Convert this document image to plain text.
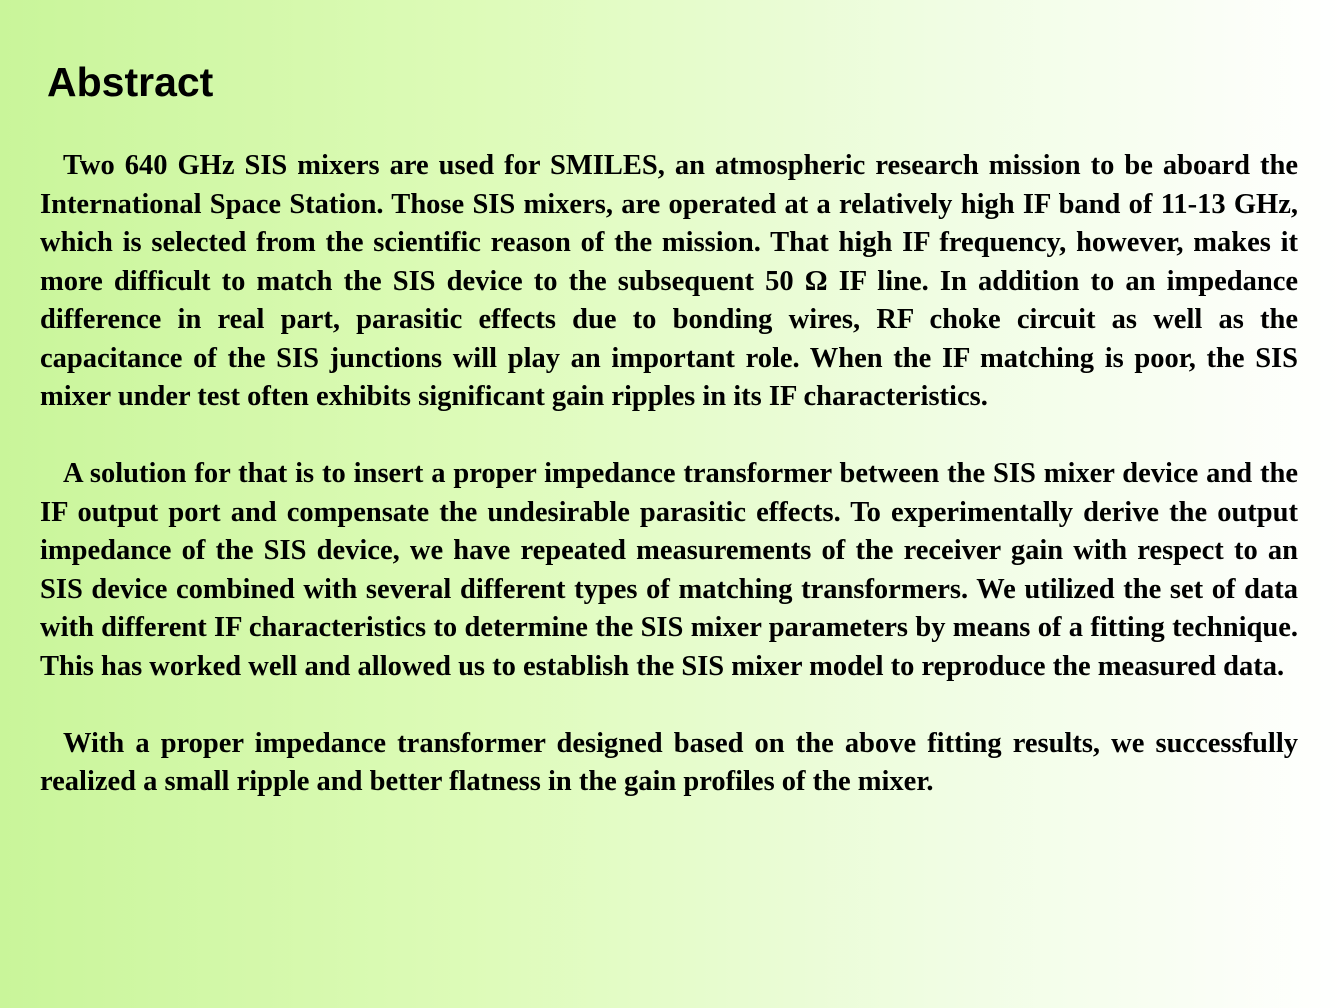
Abstract

Two 640 GHz SIS mixers are used for SMILES, an atmospheric research mission to be aboard the International Space Station. Those SIS mixers, are operated at a relatively high IF band of 11-13 GHz, which is selected from the scientific reason of the mission. That high IF frequency, however, makes it more difficult to match the SIS device to the subsequent 50 Ω IF line. In addition to an impedance difference in real part, parasitic effects due to bonding wires, RF choke circuit as well as the capacitance of the SIS junctions will play an important role. When the IF matching is poor, the SIS mixer under test often exhibits significant gain ripples in its IF characteristics.

A solution for that is to insert a proper impedance transformer between the SIS mixer device and the IF output port and compensate the undesirable parasitic effects. To experimentally derive the output impedance of the SIS device, we have repeated measurements of the receiver gain with respect to an SIS device combined with several different types of matching transformers. We utilized the set of data with different IF characteristics to determine the SIS mixer parameters by means of a fitting technique. This has worked well and allowed us to establish the SIS mixer model to reproduce the measured data.

With a proper impedance transformer designed based on the above fitting results, we successfully realized a small ripple and better flatness in the gain profiles of the mixer.
